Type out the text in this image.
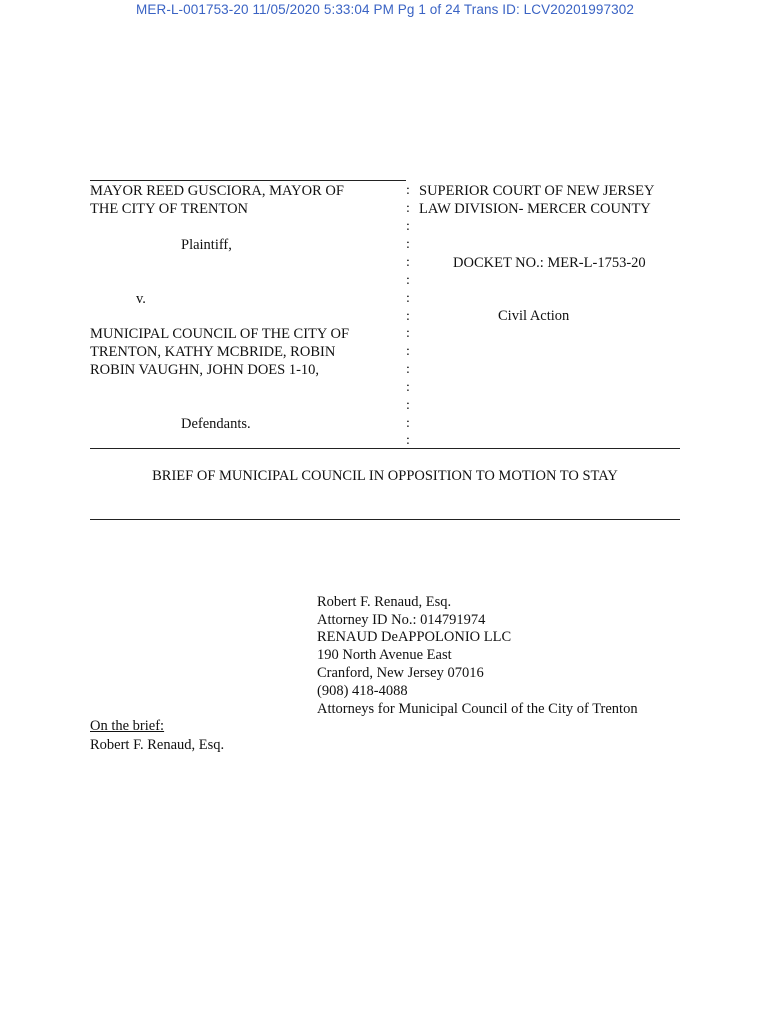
MER-L-001753-20 11/05/2020 5:33:04 PM Pg 1 of 24 Trans ID: LCV20201997302
MAYOR REED GUSCIORA, MAYOR OF
THE CITY OF TRENTON
Plaintiff,
v.
MUNICIPAL COUNCIL OF THE CITY OF
TRENTON, KATHY MCBRIDE, ROBIN
ROBIN VAUGHN, JOHN DOES 1-10,
Defendants.
:
:
:
:
:
:
:
:
:
:
:
:
:
:
:
SUPERIOR COURT OF NEW JERSEY
LAW DIVISION- MERCER COUNTY
DOCKET NO.: MER-L-1753-20
Civil Action
BRIEF OF MUNICIPAL COUNCIL IN OPPOSITION TO MOTION TO STAY
Robert F. Renaud, Esq.
Attorney ID No.: 014791974
RENAUD DeAPPOLONIO LLC
190 North Avenue East
Cranford, New Jersey 07016
(908) 418-4088
Attorneys for Municipal Council of the City of Trenton
On the brief:
Robert F. Renaud, Esq.
